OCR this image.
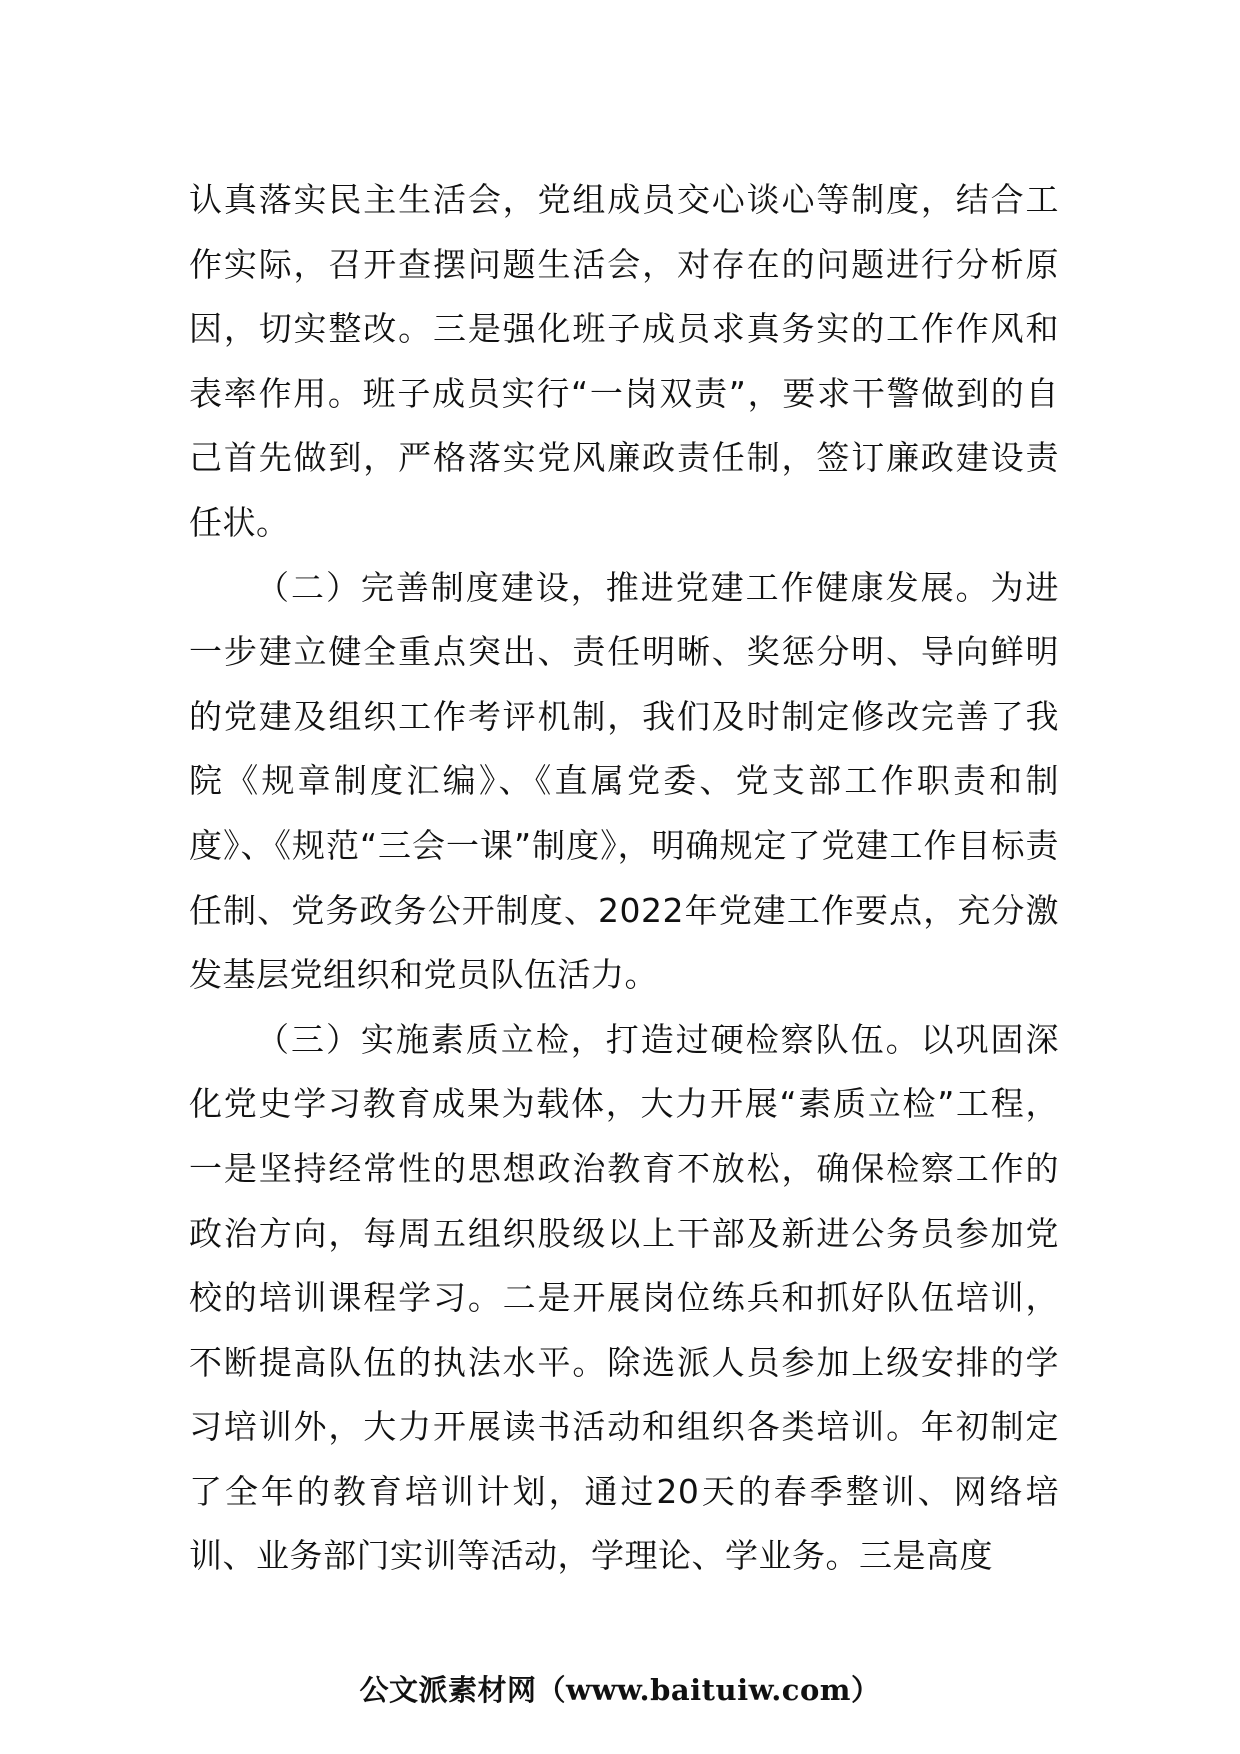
认真落实民主生活会，党组成员交心谈心等制度，结合工作实际，召开查摆问题生活会，对存在的问题进行分析原因，切实整改。三是强化班子成员求真务实的工作作风和表率作用。班子成员实行“一岗双责”，要求干警做到的自己首先做到，严格落实党风廉政责任制，签订廉政建设责任状。

（二）完善制度建设，推进党建工作健康发展。为进一步建立健全重点突出、责任明晰、奖惩分明、导向鲜明的党建及组织工作考评机制，我们及时制定修改完善了我院《规章制度汇编》、《直属党委、党支部工作职责和制度》、《规范“三会一课”制度》，明确规定了党建工作目标责任制、党务政务公开制度、2022年党建工作要点，充分激发基层党组织和党员队伍活力。

（三）实施素质立检，打造过硬检察队伍。以巩固深化党史学习教育成果为载体，大力开展“素质立检”工程，一是坚持经常性的思想政治教育不放松，确保检察工作的政治方向，每周五组织股级以上干部及新进公务员参加党校的培训课程学习。二是开展岗位练兵和抓好队伍培训，不断提高队伍的执法水平。除选派人员参加上级安排的学习培训外，大力开展读书活动和组织各类培训。年初制定了全年的教育培训计划，通过20天的春季整训、网络培训、业务部门实训等活动，学理论、学业务。三是高度

公文派素材网（www.baituiw.com）
